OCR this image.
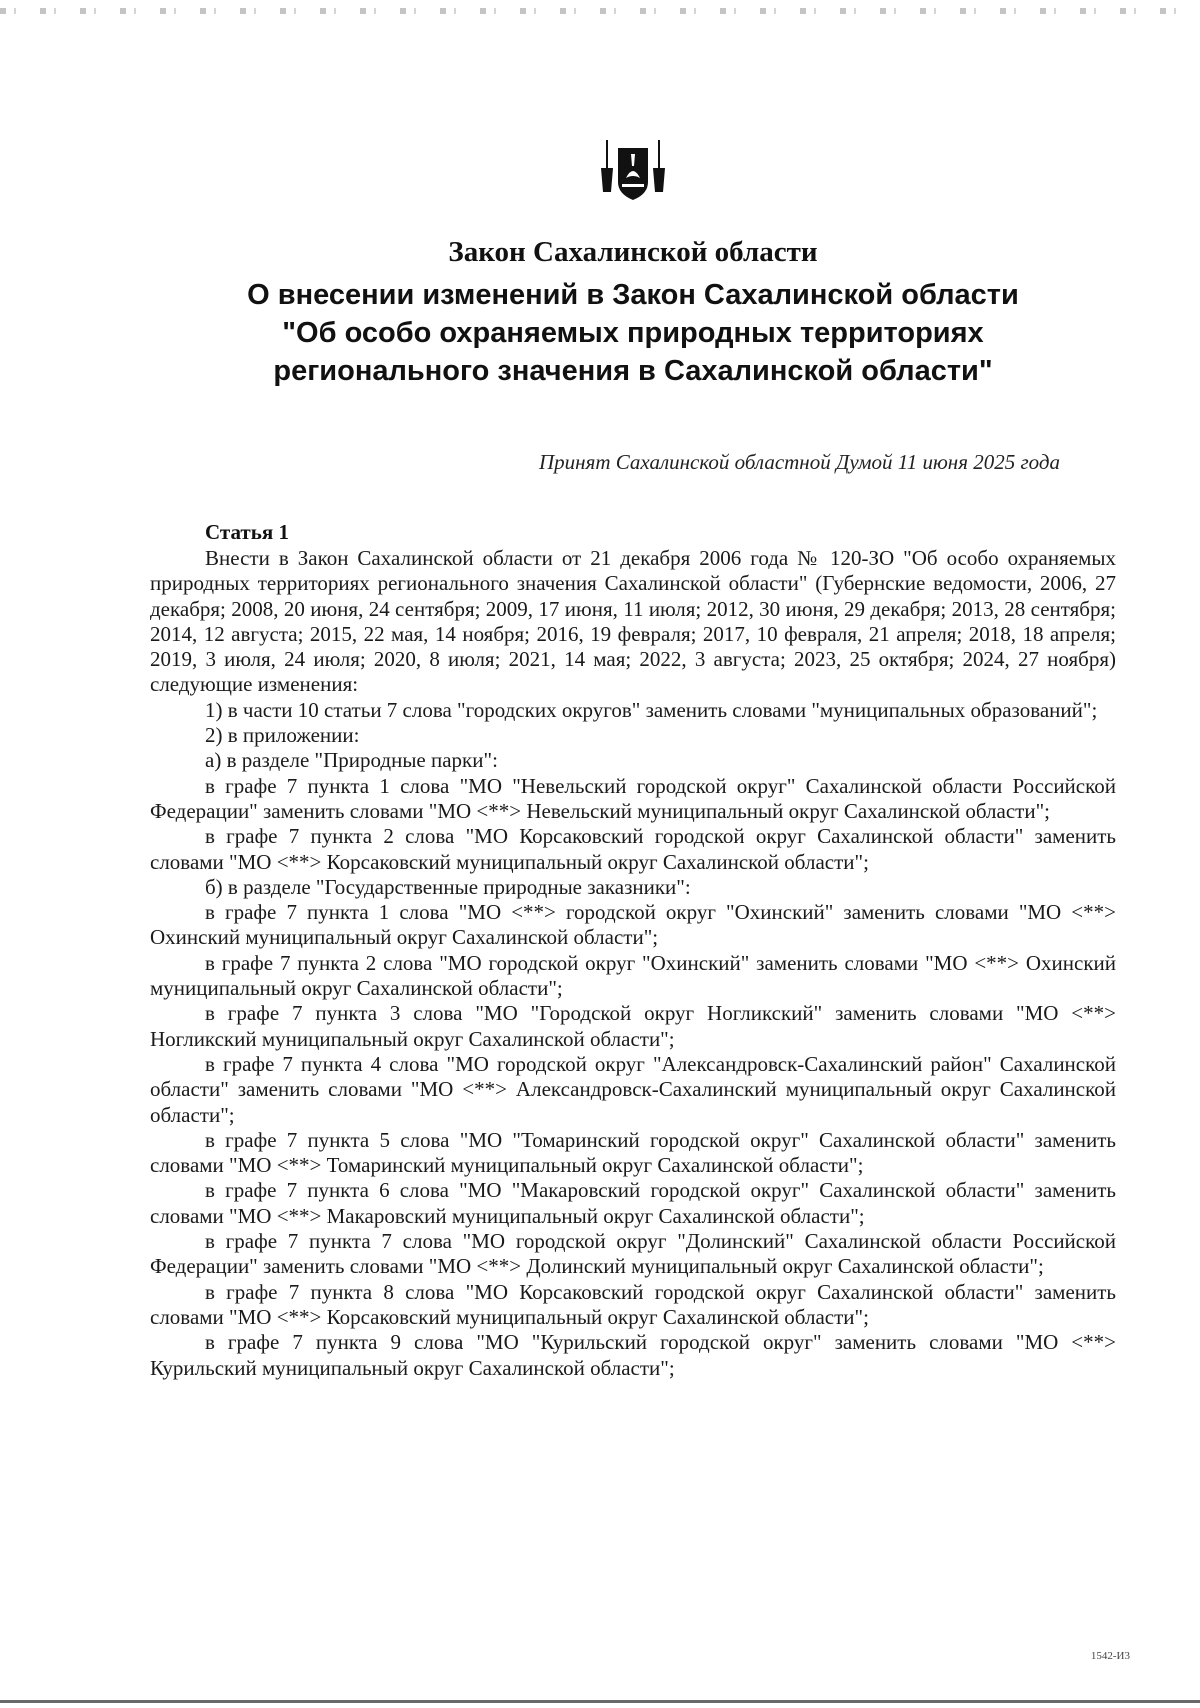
Закон Сахалинской области
О внесении изменений в Закон Сахалинской области "Об особо охраняемых природных территориях регионального значения в Сахалинской области"
Принят Сахалинской областной Думой 11 июня 2025 года
Статья 1

Внести в Закон Сахалинской области от 21 декабря 2006 года № 120-ЗО "Об особо охраняемых природных территориях регионального значения Сахалинской области" (Губернские ведомости, 2006, 27 декабря; 2008, 20 июня, 24 сентября; 2009, 17 июня, 11 июля; 2012, 30 июня, 29 декабря; 2013, 28 сентября; 2014, 12 августа; 2015, 22 мая, 14 ноября; 2016, 19 февраля; 2017, 10 февраля, 21 апреля; 2018, 18 апреля; 2019, 3 июля, 24 июля; 2020, 8 июля; 2021, 14 мая; 2022, 3 августа; 2023, 25 октября; 2024, 27 ноября) следующие изменения:

1) в части 10 статьи 7 слова "городских округов" заменить словами "муниципальных образований";

2) в приложении:

а) в разделе "Природные парки":

в графе 7 пункта 1 слова "МО "Невельский городской округ" Сахалинской области Российской Федерации" заменить словами "МО <**> Невельский муниципальный округ Сахалинской области";

в графе 7 пункта 2 слова "МО Корсаковский городской округ Сахалинской области" заменить словами "МО <**> Корсаковский муниципальный округ Сахалинской области";

б) в разделе "Государственные природные заказники":

в графе 7 пункта 1 слова "МО <**> городской округ "Охинский" заменить словами "МО <**> Охинский муниципальный округ Сахалинской области";

в графе 7 пункта 2 слова "МО городской округ "Охинский" заменить словами "МО <**> Охинский муниципальный округ Сахалинской области";

в графе 7 пункта 3 слова "МО "Городской округ Ногликский" заменить словами "МО <**> Ногликский муниципальный округ Сахалинской области";

в графе 7 пункта 4 слова "МО городской округ "Александровск-Сахалинский район" Сахалинской области" заменить словами "МО <**> Александровск-Сахалинский муниципальный округ Сахалинской области";

в графе 7 пункта 5 слова "МО "Томаринский городской округ" Сахалинской области" заменить словами "МО <**> Томаринский муниципальный округ Сахалинской области";

в графе 7 пункта 6 слова "МО "Макаровский городской округ" Сахалинской области" заменить словами "МО <**> Макаровский муниципальный округ Сахалинской области";

в графе 7 пункта 7 слова "МО городской округ "Долинский" Сахалинской области Российской Федерации" заменить словами "МО <**> Долинский муниципальный округ Сахалинской области";

в графе 7 пункта 8 слова "МО Корсаковский городской округ Сахалинской области" заменить словами "МО <**> Корсаковский муниципальный округ Сахалинской области";

в графе 7 пункта 9 слова "МО "Курильский городской округ" заменить словами "МО <**> Курильский муниципальный округ Сахалинской области";

1542-И3
